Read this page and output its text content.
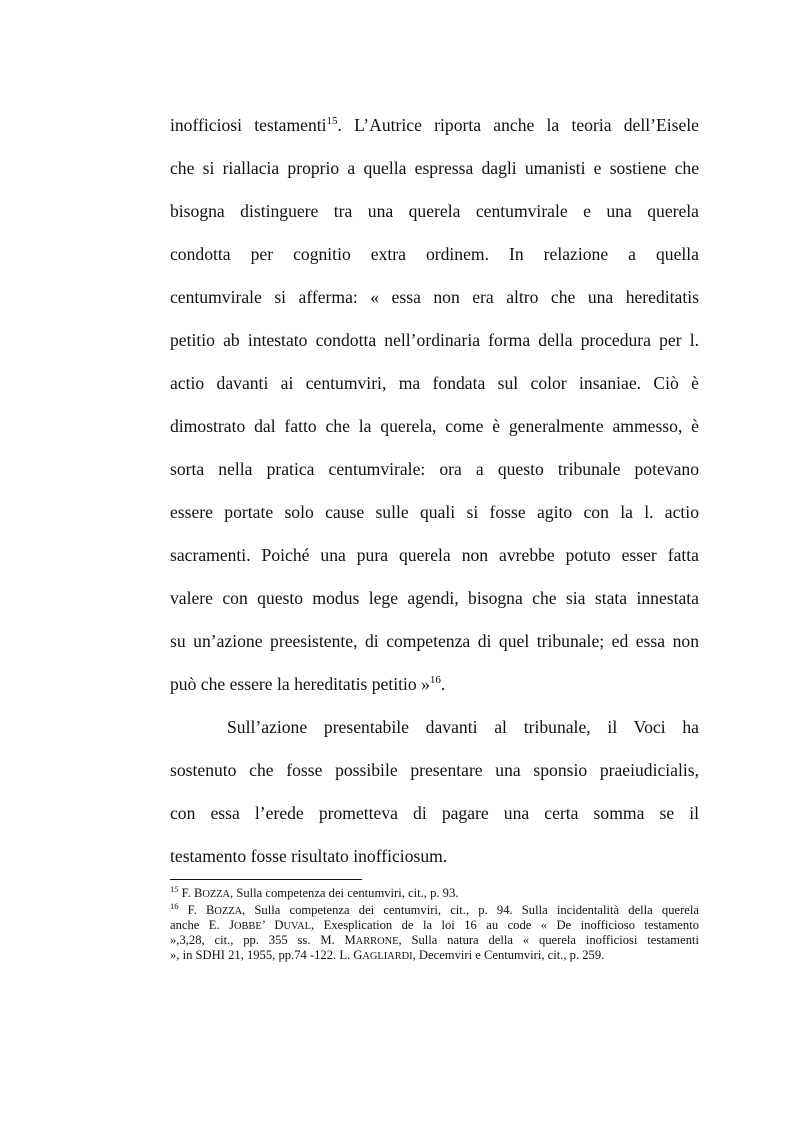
inofficiosi testamenti$^{15}$. L’Autrice riporta anche la teoria dell’Eisele
che si riallacia proprio a quella espressa dagli umanisti e sostiene che
bisogna distinguere tra una querela centumvirale e una querela
condotta per cognitio extra ordinem. In relazione a quella
centumvirale si afferma: « essa non era altro che una hereditatis
petitio ab intestato condotta nell’ordinaria forma della procedura per l.
actio davanti ai centumviri, ma fondata sul color insaniae. Ciò è
dimostrato dal fatto che la querela, come è generalmente ammesso, è
sorta nella pratica centumvirale: ora a questo tribunale potevano
essere portate solo cause sulle quali si fosse agito con la l. actio
sacramenti. Poiché una pura querela non avrebbe potuto esser fatta
valere con questo modus lege agendi, bisogna che sia stata innestata
su un’azione preesistente, di competenza di quel tribunale; ed essa non
può che essere la hereditatis petitio »$^{16}$.
Sull’azione presentabile davanti al tribunale, il Voci ha
sostenuto che fosse possibile presentare una sponsio praeiudicialis,
con essa l’erede prometteva di pagare una certa somma se il
testamento fosse risultato inofficiosum.
$^{15}$ F. BOZZA, Sulla competenza dei centumviri, cit., p. 93.
$^{16}$ F. BOZZA, Sulla competenza dei centumviri, cit., p. 94. Sulla incidentalità della querela
anche E. JOBBE’ DUVAL, Exesplication de la loi 16 au code « De inofficioso testamento
»,3,28, cit., pp. 355 ss. M. MARRONE, Sulla natura della « querela inofficiosi testamenti
», in SDHI 21, 1955, pp.74 -122. L. GAGLIARDI, Decemviri e Centumviri, cit., p. 259.
